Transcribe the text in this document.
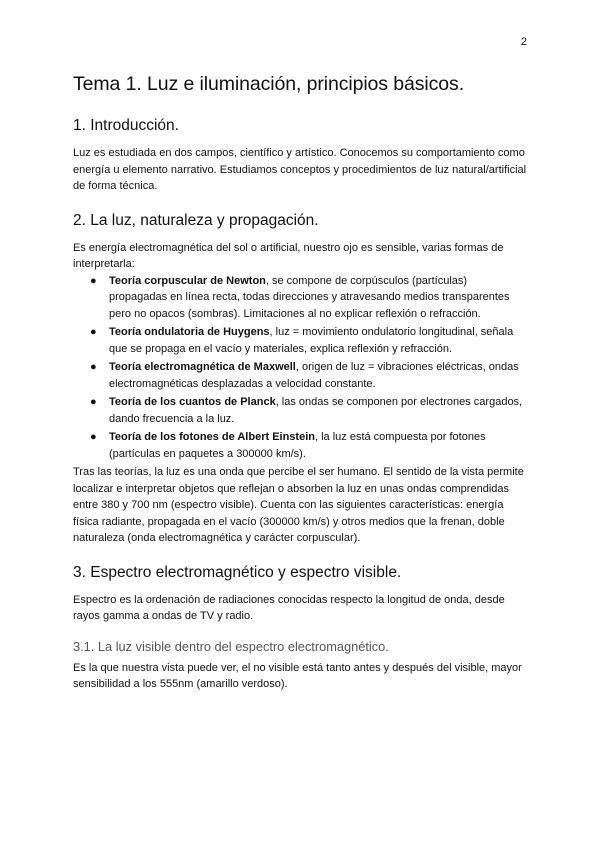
2
Tema 1. Luz e iluminación, principios básicos.
1. Introducción.

Luz es estudiada en dos campos, científico y artístico. Conocemos su comportamiento como energía u elemento narrativo. Estudiamos conceptos y procedimientos de luz natural/artificial de forma técnica.

2. La luz, naturaleza y propagación.

Es energía electromagnética del sol o artificial, nuestro ojo es sensible, varias formas de interpretarla:

● Teoría corpuscular de Newton, se compone de corpúsculos (partículas) propagadas en línea recta, todas direcciones y atravesando medios transparentes pero no opacos (sombras). Limitaciones al no explicar reflexión o refracción.
● Teoría ondulatoria de Huygens, luz = movimiento ondulatorio longitudinal, señala que se propaga en el vacío y materiales, explica reflexión y refracción.
● Teoría electromagnética de Maxwell, origen de luz = vibraciones eléctricas, ondas electromagnéticas desplazadas a velocidad constante.
● Teoría de los cuantos de Planck, las ondas se componen por electrones cargados, dando frecuencia a la luz.
● Teoría de los fotones de Albert Einstein, la luz está compuesta por fotones (partículas en paquetes a 300000 km/s).

Tras las teorías, la luz es una onda que percibe el ser humano. El sentido de la vista permite localizar e interpretar objetos que reflejan o absorben la luz en unas ondas comprendidas entre 380 y 700 nm (espectro visible). Cuenta con las siguientes características: energía física radiante, propagada en el vacío (300000 km/s) y otros medios que la frenan, doble naturaleza (onda electromagnética y carácter corpuscular).

3. Espectro electromagnético y espectro visible.

Espectro es la ordenación de radiaciones conocidas respecto la longitud de onda, desde rayos gamma a ondas de TV y radio.

3.1. La luz visible dentro del espectro electromagnético.

Es la que nuestra vista puede ver, el no visible está tanto antes y después del visible, mayor sensibilidad a los 555nm (amarillo verdoso).
